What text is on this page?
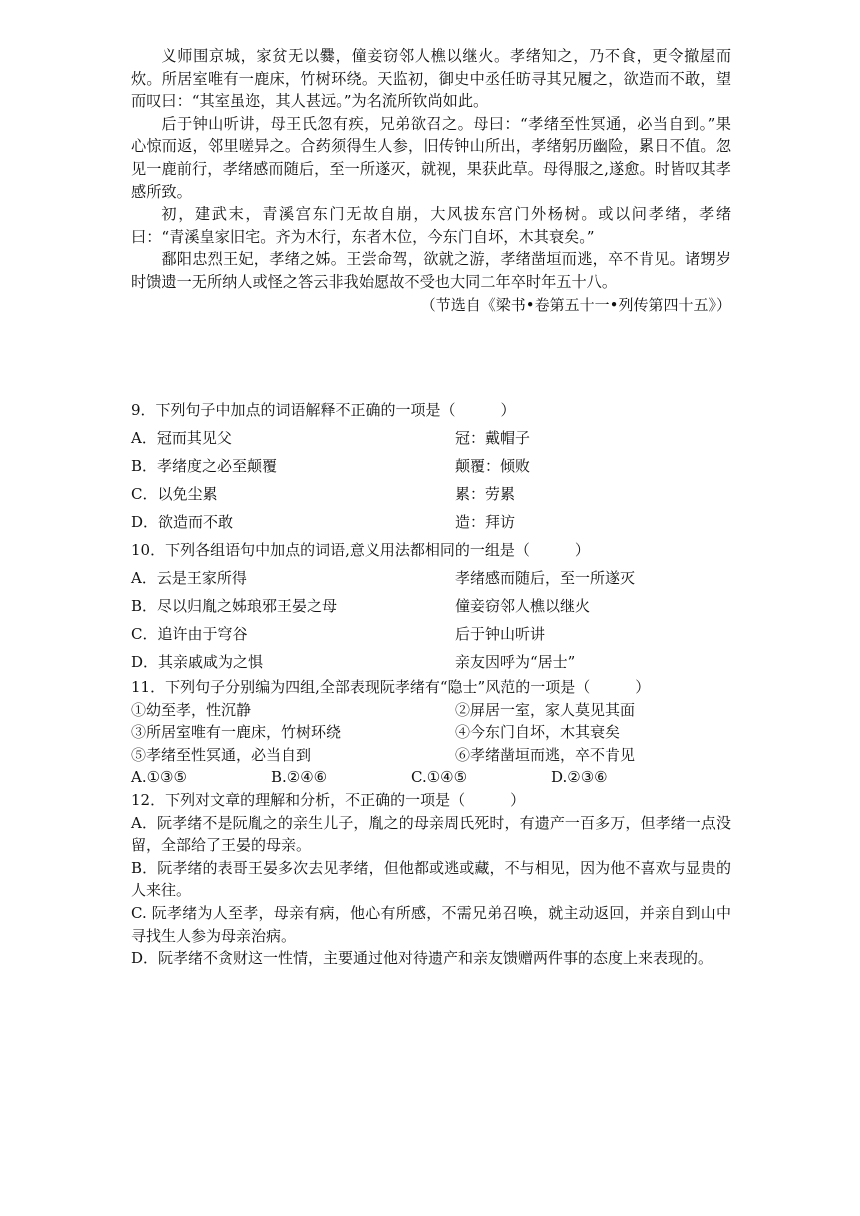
义师围京城，家贫无以爨，僮妾窃邻人樵以继火。孝绪知之，乃不食，更令撤屋而炊。所居室唯有一鹿床，竹树环绕。天监初，御史中丞任昉寻其兄履之，欲造而不敢，望而叹曰：“其室虽迩，其人甚远。”为名流所钦尚如此。

后于钟山听讲，母王氏忽有疾，兄弟欲召之。母曰：“孝绪至性冥通，必当自到。”果心惊而返，邻里嗟异之。合药须得生人参，旧传钟山所出，孝绪躬历幽险，累日不值。忽见一鹿前行，孝绪感而随后，至一所遂灭，就视，果获此草。母得服之,遂愈。时皆叹其孝感所致。

初，建武末，青溪宫东门无故自崩，大风拔东宫门外杨树。或以问孝绪，孝绪曰：“青溪皇家旧宅。齐为木行，东者木位，今东门自坏，木其衰矣。”

鄱阳忠烈王妃，孝绪之姊。王尝命驾，欲就之游，孝绪凿垣而逃，卒不肯见。诸甥岁时馈遗一无所纳人或怪之答云非我始愿故不受也大同二年卒时年五十八。

（节选自《梁书•卷第五十一•列传第四十五》）

9．下列句子中加点的词语解释不正确的一项是（　　　）
A．冠而其见父	冠：戴帽子
B．孝绪度之必至颠覆	颠覆：倾败
C．以免尘累	累：劳累
D．欲造而不敢	造：拜访
10．下列各组语句中加点的词语,意义用法都相同的一组是（　　　）
A．云是王家所得	孝绪感而随后，至一所遂灭
B．尽以归胤之姊琅邪王晏之母	僮妾窃邻人樵以继火
C．追许由于穹谷	后于钟山听讲
D．其亲戚咸为之惧	亲友因呼为“居士”
11．下列句子分别编为四组,全部表现阮孝绪有“隐士”风范的一项是（　　　）
①幼至孝，性沉静	②屏居一室，家人莫见其面
③所居室唯有一鹿床，竹树环绕	④今东门自坏，木其衰矣
⑤孝绪至性冥通，必当自到	⑥孝绪凿垣而逃，卒不肯见
A.①③⑤	B.②④⑥	C.①④⑤	D.②③⑥
12．下列对文章的理解和分析，不正确的一项是（　　　）

A．阮孝绪不是阮胤之的亲生儿子，胤之的母亲周氏死时，有遗产一百多万，但孝绪一点没留，全部给了王晏的母亲。

B．阮孝绪的表哥王晏多次去见孝绪，但他都或逃或藏，不与相见，因为他不喜欢与显贵的人来往。

C. 阮孝绪为人至孝，母亲有病，他心有所感，不需兄弟召唤，就主动返回，并亲自到山中寻找生人参为母亲治病。

D．阮孝绪不贪财这一性情，主要通过他对待遗产和亲友馈赠两件事的态度上来表现的。
